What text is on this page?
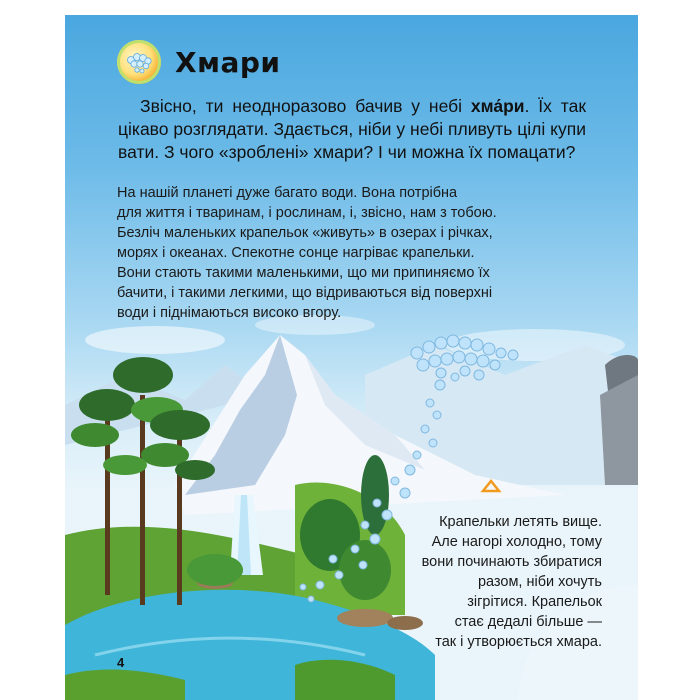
Хмари
Звісно, ти неодноразово бачив у небі хма́ри. Їх так цікаво розглядати. Здається, ніби у небі пливуть цілі купи вати. З чого «зроблені» хмари? І чи можна їх помацати?

На нашій планеті дуже багато води. Вона потрібна

для життя і тваринам, і рослинам, і, звісно, нам з тобою.

Безліч маленьких крапельок «живуть» в озерах і річках,

морях і океанах. Спекотне сонце нагріває крапельки.

Вони стають такими маленькими, що ми припиняємо їх

бачити, і такими легкими, що відриваються від поверхні

води і піднімаються високо вгору.

Крапельки летять вище.

Але нагорі холодно, тому

вони починають збиратися

разом, ніби хочуть

зігрітися. Крапельок

стає дедалі більше —

так і утворюється хмара.

4
